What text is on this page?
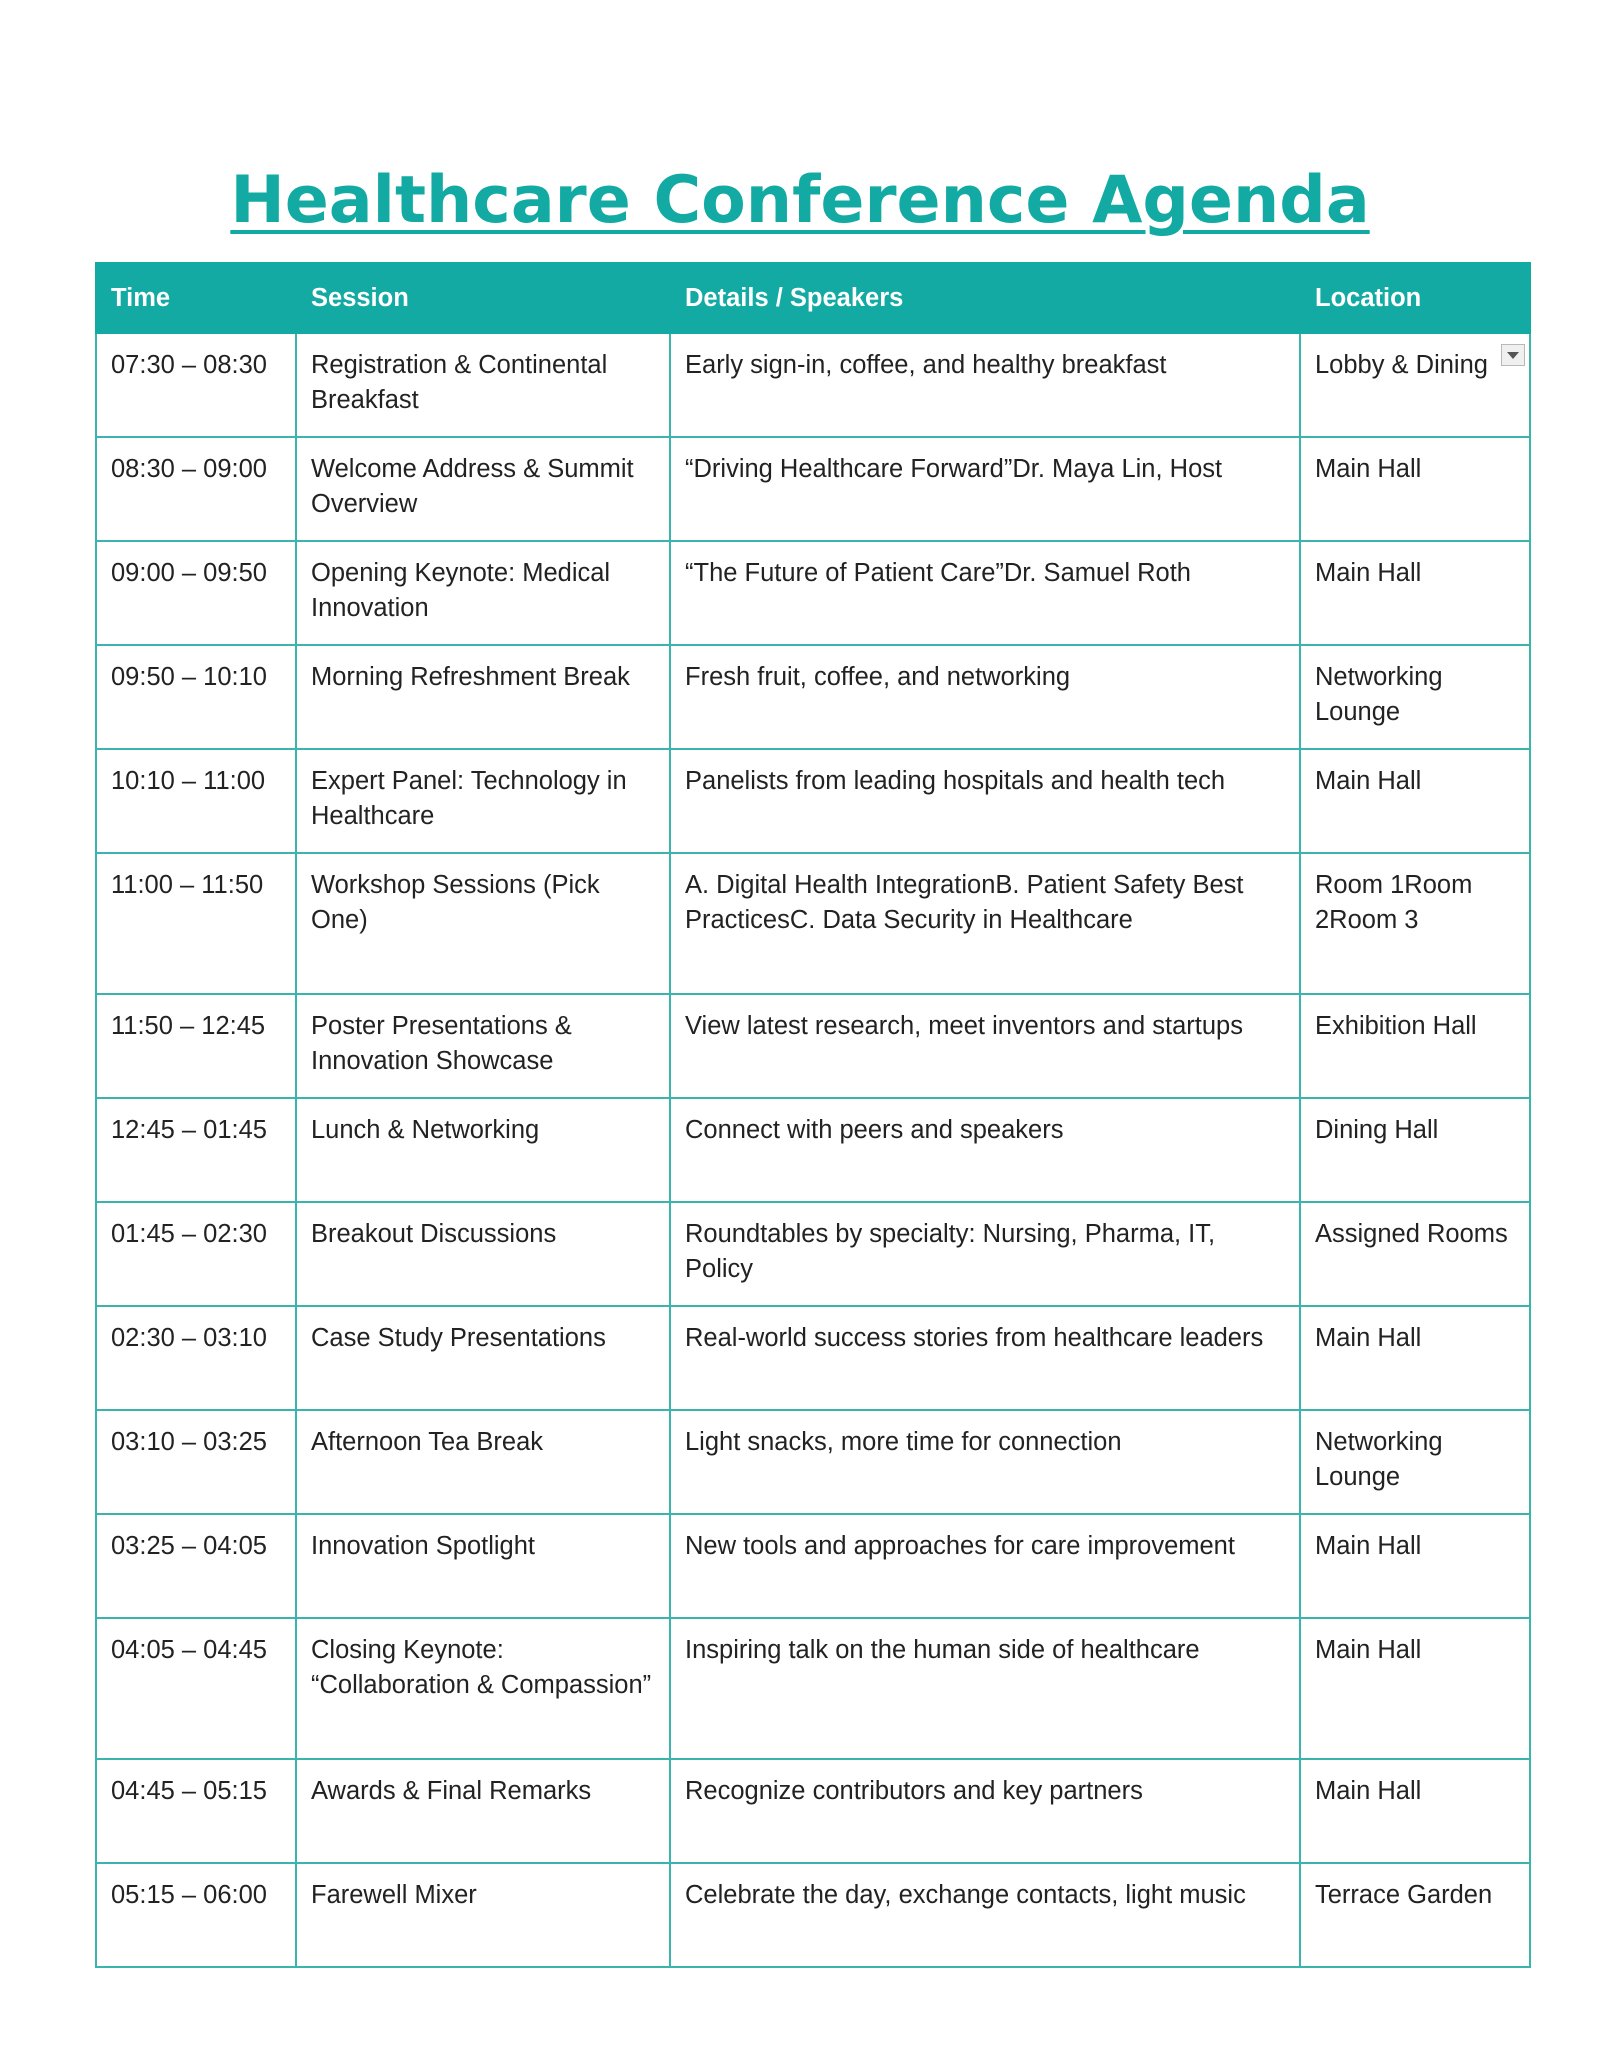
Healthcare Conference Agenda
Time	Session	Details / Speakers	Location
07:30 – 08:30	Registration & Continental Breakfast	Early sign-in, coffee, and healthy breakfast	Lobby & Dining

08:30 – 09:00	Welcome Address & Summit Overview	“Driving Healthcare Forward”Dr. Maya Lin, Host	Main Hall
09:00 – 09:50	Opening Keynote: Medical Innovation	“The Future of Patient Care”Dr. Samuel Roth	Main Hall
09:50 – 10:10	Morning Refreshment Break	Fresh fruit, coffee, and networking	Networking Lounge
10:10 – 11:00	Expert Panel: Technology in Healthcare	Panelists from leading hospitals and health tech	Main Hall
11:00 – 11:50	Workshop Sessions (Pick One)	A. Digital Health IntegrationB. Patient Safety Best PracticesC. Data Security in Healthcare	Room 1Room 2Room 3
11:50 – 12:45	Poster Presentations & Innovation Showcase	View latest research, meet inventors and startups	Exhibition Hall
12:45 – 01:45	Lunch & Networking	Connect with peers and speakers	Dining Hall
01:45 – 02:30	Breakout Discussions	Roundtables by specialty: Nursing, Pharma, IT, Policy	Assigned Rooms
02:30 – 03:10	Case Study Presentations	Real-world success stories from healthcare leaders	Main Hall
03:10 – 03:25	Afternoon Tea Break	Light snacks, more time for connection	Networking Lounge
03:25 – 04:05	Innovation Spotlight	New tools and approaches for care improvement	Main Hall
04:05 – 04:45	Closing Keynote: “Collaboration & Compassion”	Inspiring talk on the human side of healthcare	Main Hall
04:45 – 05:15	Awards & Final Remarks	Recognize contributors and key partners	Main Hall
05:15 – 06:00	Farewell Mixer	Celebrate the day, exchange contacts, light music	Terrace Garden
